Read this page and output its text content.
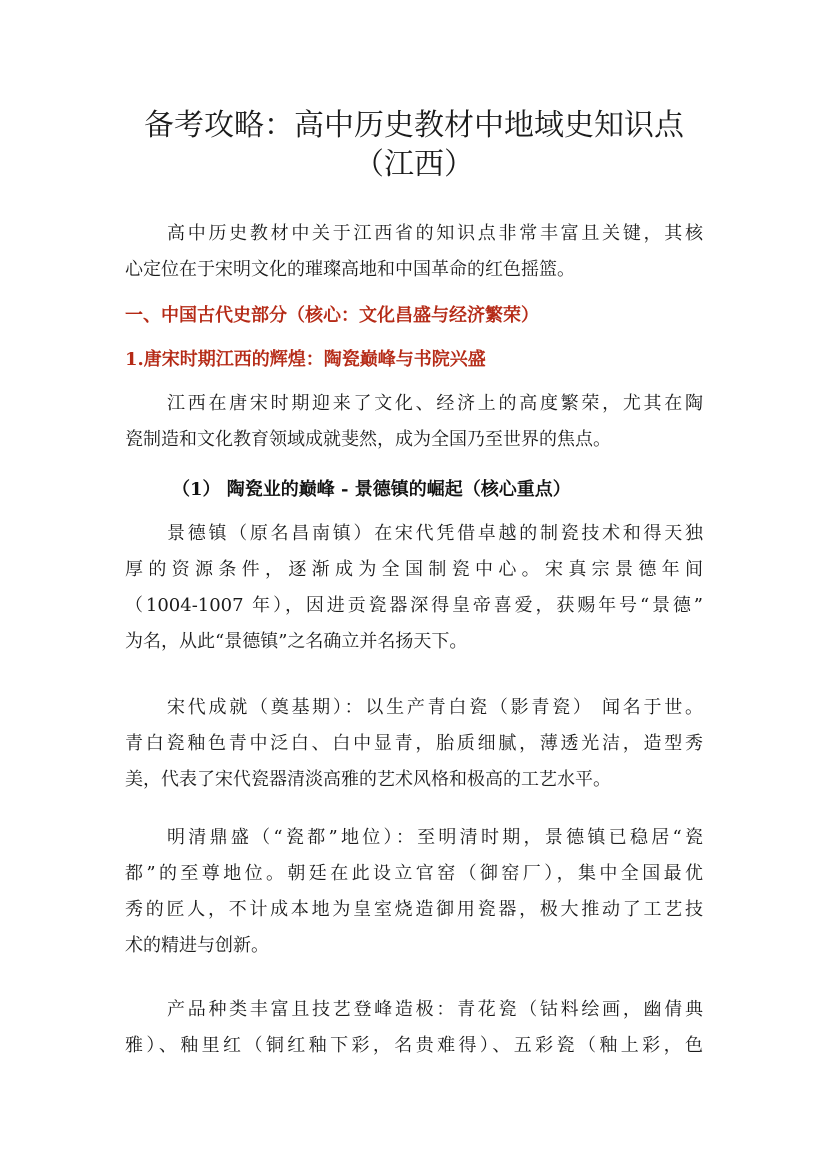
备考攻略：高中历史教材中地域史知识点
（江西）
高中历史教材中关于江西省的知识点非常丰富且关键，其核
心定位在于宋明文化的璀璨高地和中国革命的红色摇篮。
一、中国古代史部分（核心：文化昌盛与经济繁荣）
1.唐宋时期江西的辉煌：陶瓷巅峰与书院兴盛
江西在唐宋时期迎来了文化、经济上的高度繁荣，尤其在陶
瓷制造和文化教育领域成就斐然，成为全国乃至世界的焦点。
（1） 陶瓷业的巅峰 - 景德镇的崛起（核心重点）
景德镇（原名昌南镇）在宋代凭借卓越的制瓷技术和得天独
厚的资源条件，逐渐成为全国制瓷中心。宋真宗景德年间
（1004-1007 年），因进贡瓷器深得皇帝喜爱，获赐年号“景德”
为名，从此“景德镇”之名确立并名扬天下。
宋代成就（奠基期）：以生产青白瓷（影青瓷） 闻名于世。
青白瓷釉色青中泛白、白中显青，胎质细腻，薄透光洁，造型秀
美，代表了宋代瓷器清淡高雅的艺术风格和极高的工艺水平。
明清鼎盛（“瓷都”地位）：至明清时期，景德镇已稳居“瓷
都”的至尊地位。朝廷在此设立官窑（御窑厂），集中全国最优
秀的匠人，不计成本地为皇室烧造御用瓷器，极大推动了工艺技
术的精进与创新。
产品种类丰富且技艺登峰造极：青花瓷（钴料绘画，幽倩典
雅）、釉里红（铜红釉下彩，名贵难得）、五彩瓷（釉上彩，色
